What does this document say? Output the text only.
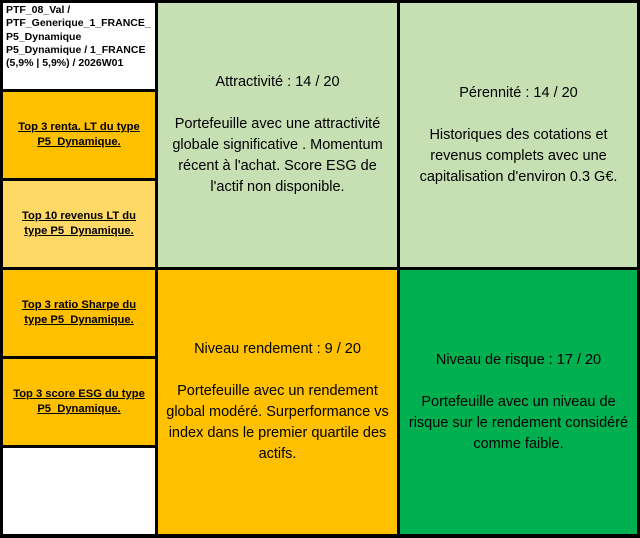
PTF_08_Val /
PTF_Generique_1_FRANCE_
P5_Dynamique
P5_Dynamique / 1_FRANCE
(5,9% | 5,9%) / 2026W01
Top 3 renta. LT du type P5_Dynamique.
Top 10 revenus LT du type P5_Dynamique.
Top 3 ratio Sharpe du type P5_Dynamique.
Top 3 score ESG du type P5_Dynamique.
Attractivité : 14 / 20
Portefeuille avec une attractivité globale significative . Momentum récent à l'achat. Score ESG de l'actif non disponible.
Pérennité : 14 / 20
Historiques des cotations et revenus complets avec une capitalisation d'environ 0.3 G€.
Niveau rendement : 9 / 20
Portefeuille avec un rendement global modéré. Surperformance vs index dans le premier quartile des actifs.
Niveau de risque : 17 / 20
Portefeuille avec un niveau de risque sur le rendement considéré comme faible.
